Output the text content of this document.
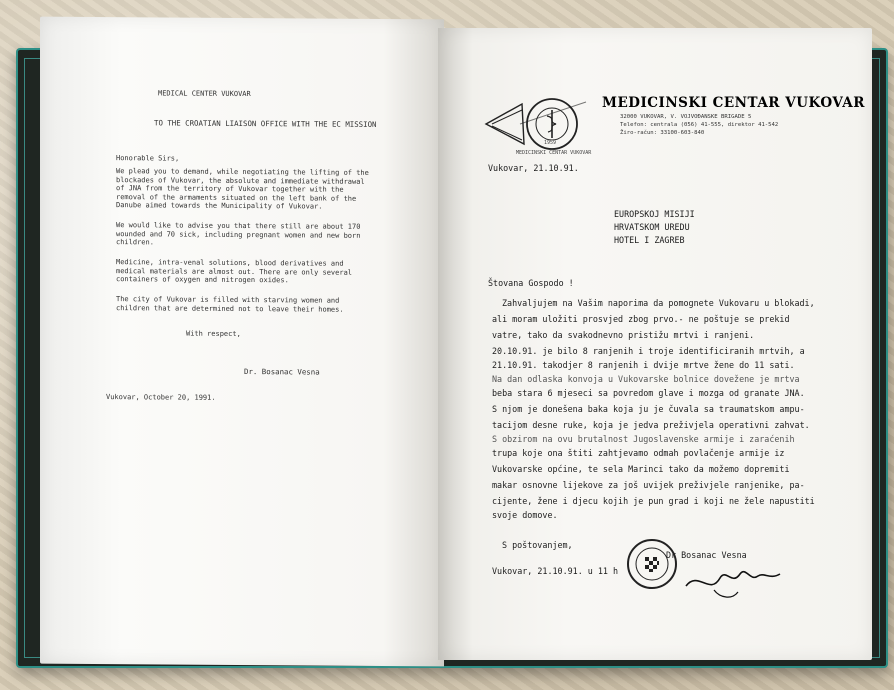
MEDICAL CENTER VUKOVAR
TO THE CROATIAN LIAISON OFFICE WITH THE EC MISSION
Honorable Sirs,
We plead you to demand, while negotiating the lifting of the
blockades of Vukovar, the absolute and immediate withdrawal
of JNA from the territory of Vukovar together with the
removal of the armaments situated on the left bank of the
Danube aimed towards the Municipality of Vukovar.
We would like to advise you that there still are about 170
wounded and 70 sick, including pregnant women and new born
children.
Medicine, intra-venal solutions, blood derivatives and
medical materials are almost out. There are only several
containers of oxygen and nitrogen oxides.
The city of Vukovar is filled with starving women and
children that are determined not to leave their homes.
With respect,
Dr. Bosanac Vesna
Vukovar, October 20, 1991.
MEDICINSKI CENTAR VUKOVAR
32000 VUKOVAR, V. VOJVOĐANSKE BRIGADE 5
Telefon: centrala (056) 41-555, direktor 41-542
Žiro-račun: 33100-603-840
MEDICINSKI CENTAR VUKOVAR
1959
Vukovar, 21.10.91.
EUROPSKOJ MISIJI
HRVATSKOM UREDU
HOTEL I ZAGREB
Štovana Gospodo !
Zahvaljujem na Vašim naporima da pomognete Vukovaru u blokadi,
ali moram uložiti prosvjed zbog prvo.- ne poštuje se prekid
vatre, tako da svakodnevno pristižu mrtvi i ranjeni.
20.10.91. je bilo 8 ranjenih i troje identificiranih mrtvih, a
21.10.91. takodjer 8 ranjenih i dvije mrtve žene do 11 sati.
Na dan odlaska konvoja u Vukovarske bolnice dovežene je mrtva
beba stara 6 mjeseci sa povredom glave i mozga od granate JNA.
S njom je donešena baka koja ju je čuvala sa traumatskom ampu-
tacijom desne ruke, koja je jedva preživjela operativni zahvat.
S obzirom na ovu brutalnost Jugoslavenske armije i zaraćenih
trupa koje ona štiti zahtjevamo odmah povlačenje armije iz
Vukovarske općine, te sela Marinci tako da možemo dopremiti
makar osnovne lijekove za još uvijek preživjele ranjenike, pa-
cijente, žene i djecu kojih je pun grad i koji ne žele napustiti
svoje domove.
S poštovanjem,
Vukovar, 21.10.91. u 11 h
Dr Bosanac Vesna
